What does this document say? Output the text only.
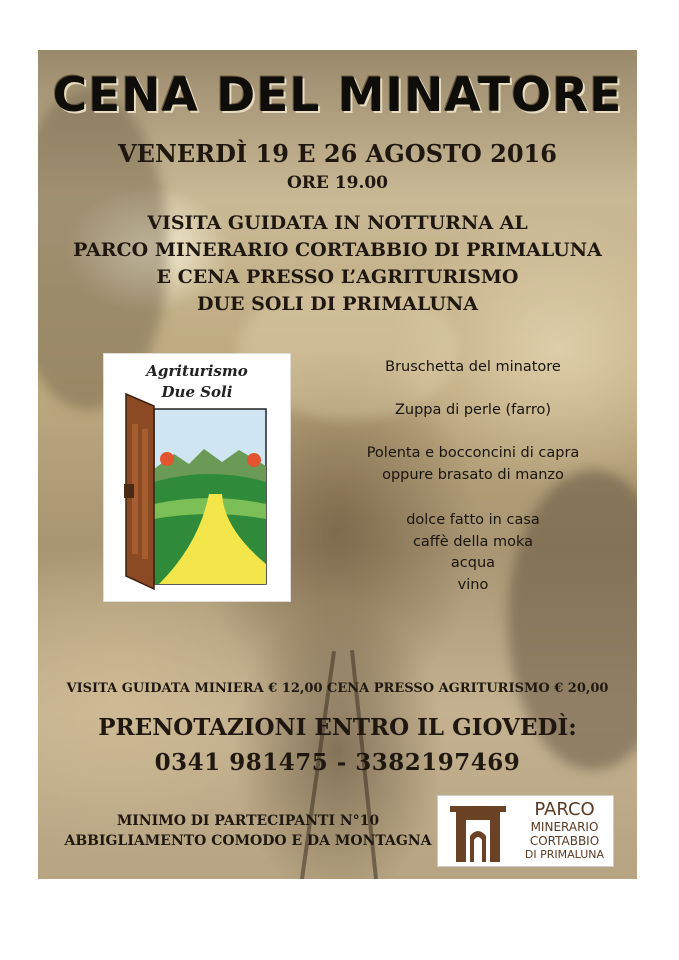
CENA DEL MINATORE
VENERDÌ 19 E 26 AGOSTO 2016
ORE 19.00
VISITA GUIDATA IN NOTTURNA AL
PARCO MINERARIO CORTABBIO DI PRIMALUNA
E CENA PRESSO L’AGRITURISMO
DUE SOLI DI PRIMALUNA
Agriturismo
Due Soli
Bruschetta del minatore
Zuppa di perle (farro)
Polenta e bocconcini di capra
oppure brasato di manzo
dolce fatto in casa
caffè della moka
acqua
vino
VISITA GUIDATA MINIERA € 12,00 CENA PRESSO AGRITURISMO € 20,00
PRENOTAZIONI ENTRO IL GIOVEDÌ:
0341 981475 - 3382197469
MINIMO DI PARTECIPANTI N°10
ABBIGLIAMENTO COMODO E DA MONTAGNA
PARCO
MINERARIO
CORTABBIO
DI PRIMALUNA
